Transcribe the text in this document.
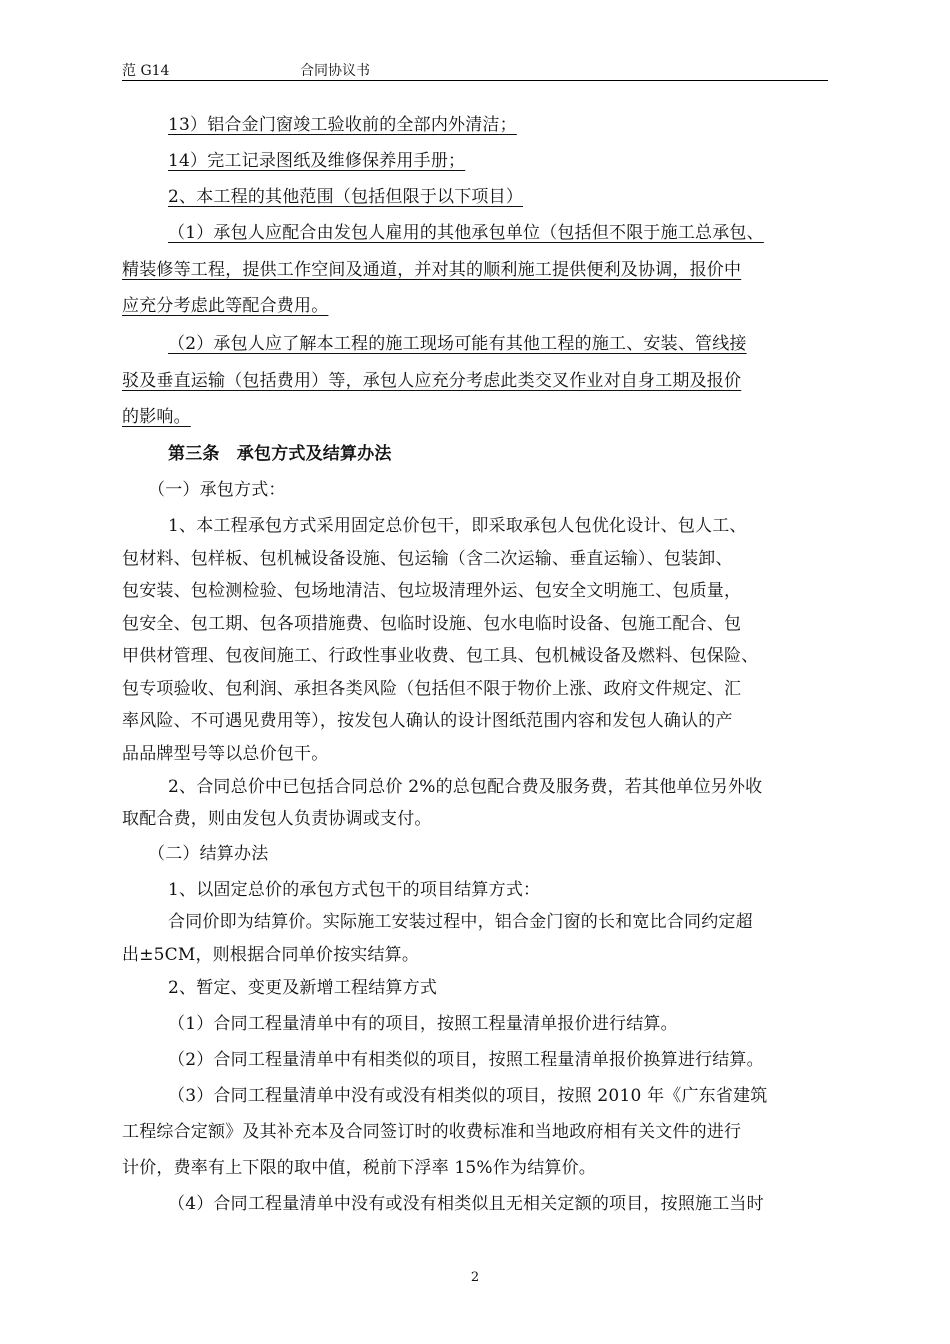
范 G14	合同协议书
13）铝合金门窗竣工验收前的全部内外清洁；
14）完工记录图纸及维修保养用手册；
2、本工程的其他范围（包括但限于以下项目）
（1）承包人应配合由发包人雇用的其他承包单位（包括但不限于施工总承包、
精装修等工程，提供工作空间及通道，并对其的顺利施工提供便利及协调，报价中
应充分考虑此等配合费用。
（2）承包人应了解本工程的施工现场可能有其他工程的施工、安装、管线接
驳及垂直运输（包括费用）等，承包人应充分考虑此类交叉作业对自身工期及报价
的影响。
第三条　承包方式及结算办法
（一）承包方式：
1、本工程承包方式采用固定总价包干，即采取承包人包优化设计、包人工、
包材料、包样板、包机械设备设施、包运输（含二次运输、垂直运输）、包装卸、
包安装、包检测检验、包场地清洁、包垃圾清理外运、包安全文明施工、包质量，
包安全、包工期、包各项措施费、包临时设施、包水电临时设备、包施工配合、包
甲供材管理、包夜间施工、行政性事业收费、包工具、包机械设备及燃料、包保险、
包专项验收、包利润、承担各类风险（包括但不限于物价上涨、政府文件规定、汇
率风险、不可遇见费用等），按发包人确认的设计图纸范围内容和发包人确认的产
品品牌型号等以总价包干。
2、合同总价中已包括合同总价 2%的总包配合费及服务费，若其他单位另外收
取配合费，则由发包人负责协调或支付。
（二）结算办法
1、以固定总价的承包方式包干的项目结算方式：
合同价即为结算价。实际施工安装过程中，铝合金门窗的长和宽比合同约定超
出±5CM，则根据合同单价按实结算。
2、暂定、变更及新增工程结算方式
（1）合同工程量清单中有的项目，按照工程量清单报价进行结算。
（2）合同工程量清单中有相类似的项目，按照工程量清单报价换算进行结算。
（3）合同工程量清单中没有或没有相类似的项目，按照 2010 年《广东省建筑
工程综合定额》及其补充本及合同签订时的收费标准和当地政府相有关文件的进行
计价，费率有上下限的取中值，税前下浮率 15%作为结算价。
（4）合同工程量清单中没有或没有相类似且无相关定额的项目，按照施工当时
2
